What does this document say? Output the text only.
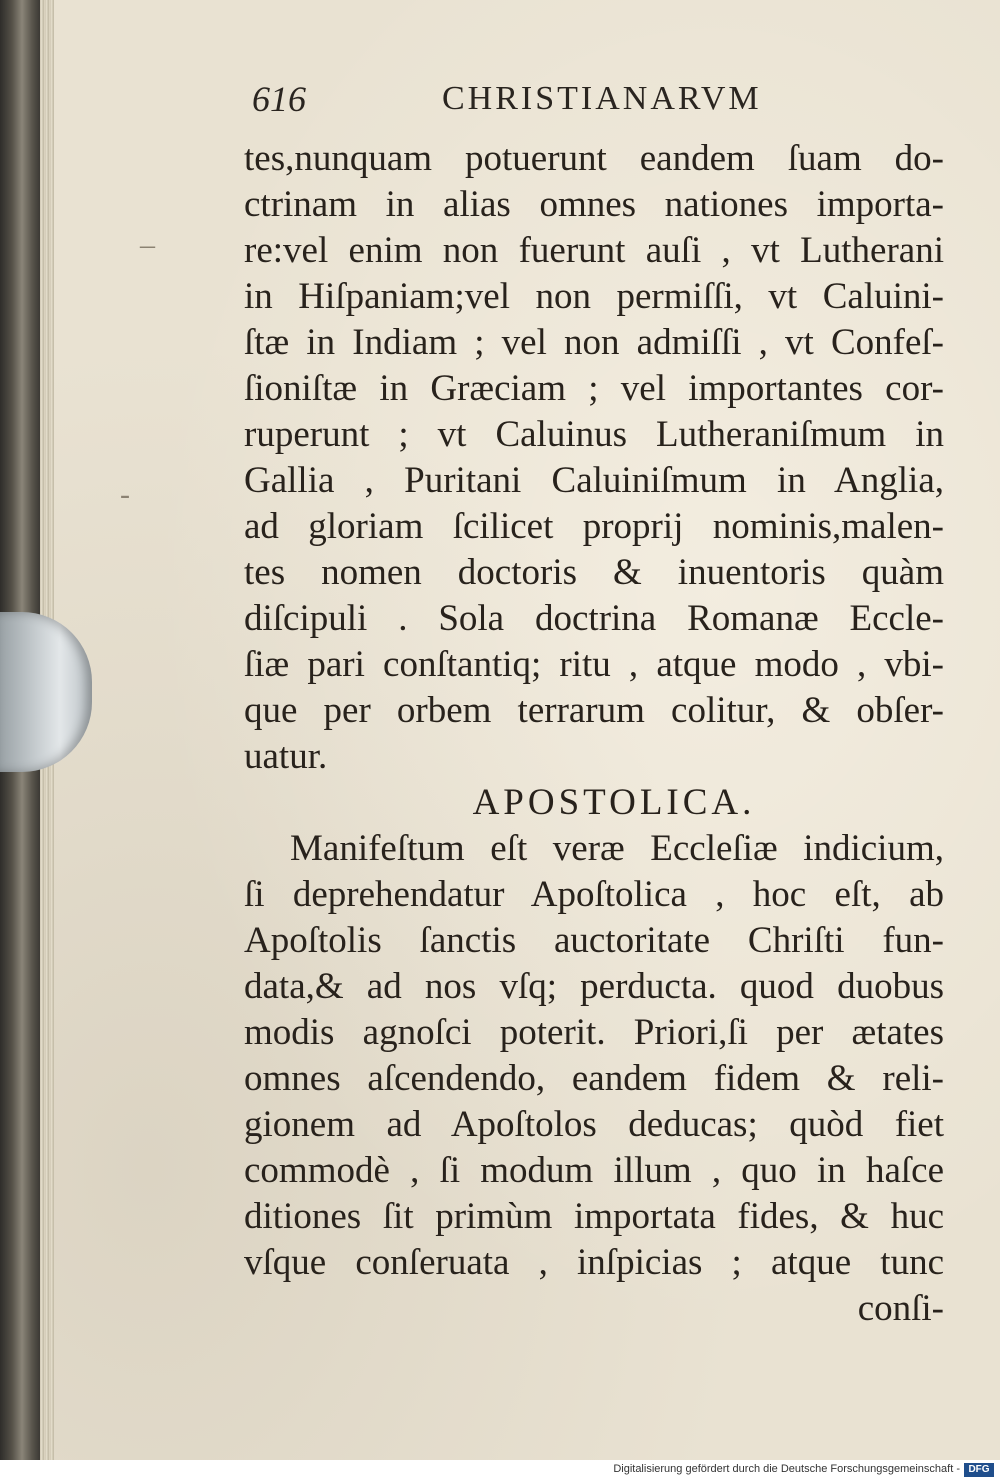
–
-
616	CHRISTIANARVM
tes,nunquam potuerunt eandem ſuam do-
ctrinam in alias omnes nationes importa-
re:vel enim non fuerunt auſi , vt Lutherani
in Hiſpaniam;vel non permiſſi, vt Caluini-
ſtæ in Indiam ; vel non admiſſi , vt Confeſ-
ſioniſtæ in Græciam ; vel importantes cor-
ruperunt ; vt Caluinus Lutheraniſmum in
Gallia , Puritani Caluiniſmum in Anglia,
ad gloriam ſcilicet proprij nominis,malen-
tes nomen doctoris & inuentoris quàm
diſcipuli . Sola doctrina Romanæ Eccle-
ſiæ pari conſtantiq; ritu , atque modo , vbi-
que per orbem terrarum colitur, & obſer-
uatur.
APOSTOLICA.
Manifeſtum eſt veræ Eccleſiæ indicium,
ſi deprehendatur Apoſtolica , hoc eſt, ab
Apoſtolis ſanctis auctoritate Chriſti fun-
data,& ad nos vſq; perducta. quod duobus
modis agnoſci poterit. Priori,ſi per ætates
omnes aſcendendo, eandem fidem & reli-
gionem ad Apoſtolos deducas; quòd fiet
commodè , ſi modum illum , quo in haſce
ditiones ſit primùm importata fides, & huc
vſque conſeruata , inſpicias ; atque tunc
conſi-
Digitalisierung gefördert durch die Deutsche Forschungsgemeinschaft - DFG
